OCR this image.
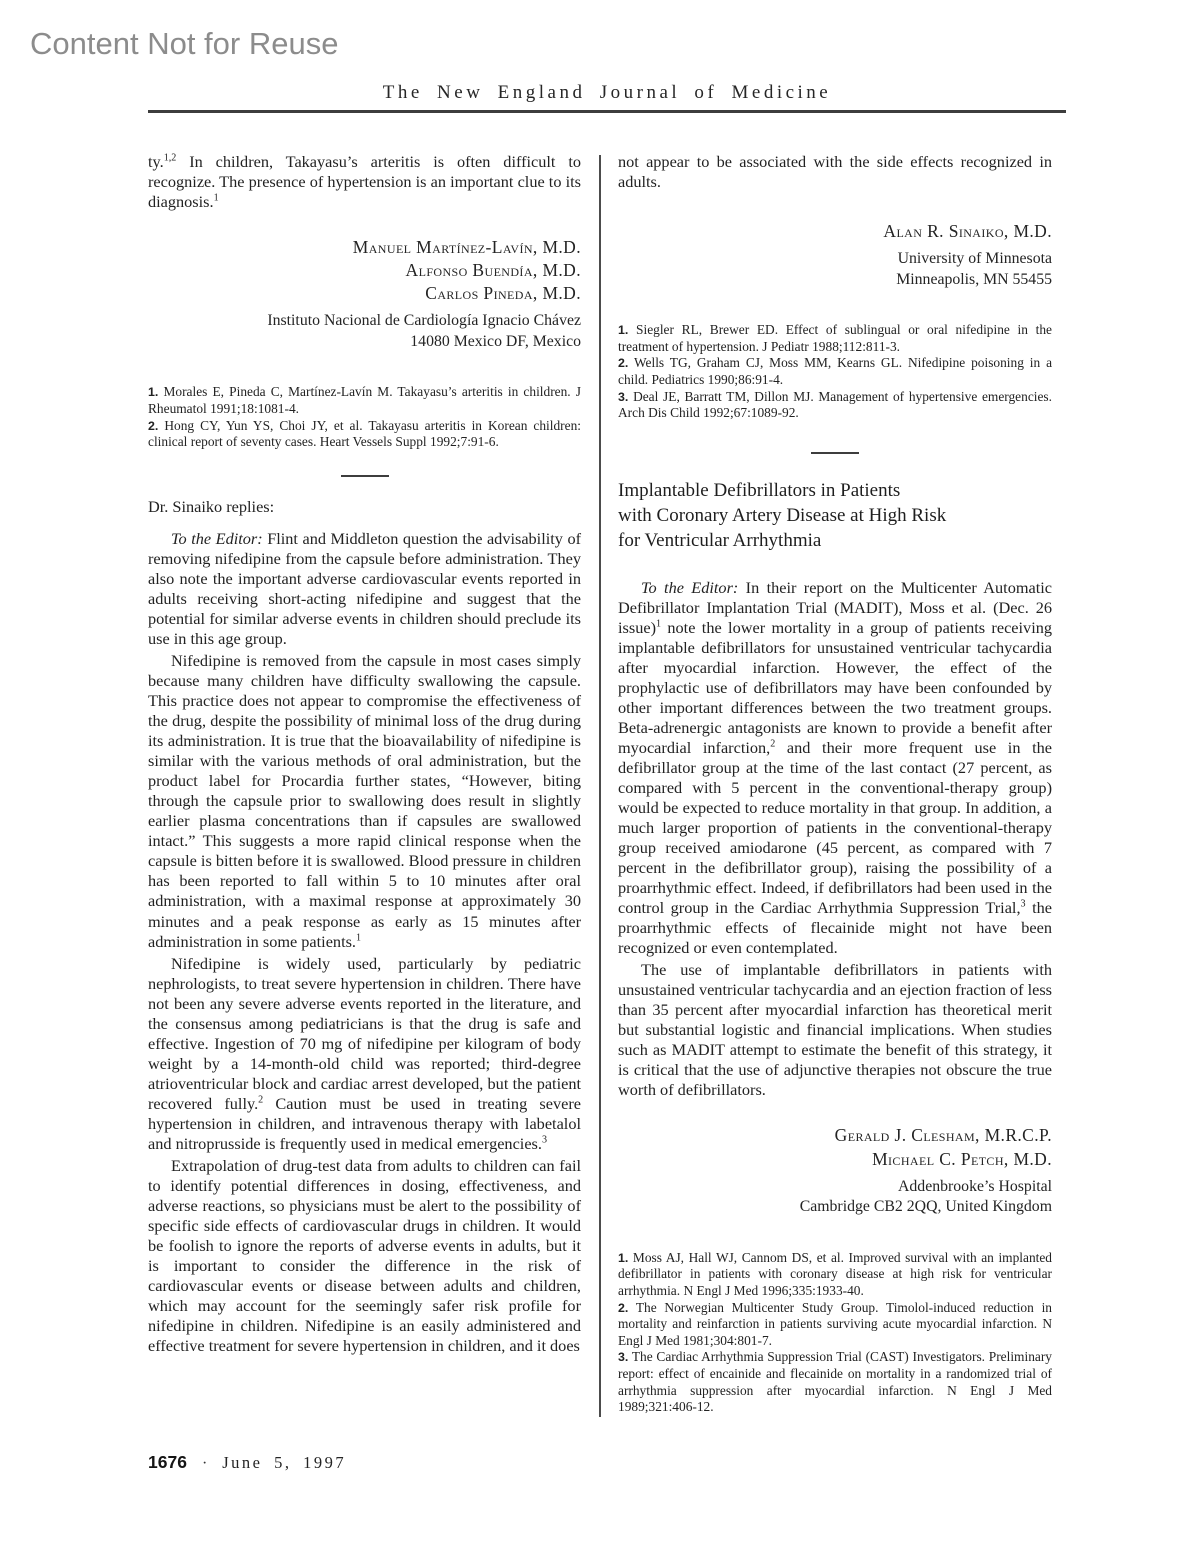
Content Not for Reuse
The New England Journal of Medicine
ty.$^{1,2}$ In children, Takayasu’s arteritis is often difficult to recognize. The presence of hypertension is an important clue to its diagnosis.$^1$
Manuel Martínez-Lavín, M.D.
Alfonso Buendía, M.D.
Carlos Pineda, M.D.
Instituto Nacional de Cardiología Ignacio Chávez
14080 Mexico DF, Mexico
1. Morales E, Pineda C, Martínez-Lavín M. Takayasu’s arteritis in children. J Rheumatol 1991;18:1081-4.
2. Hong CY, Yun YS, Choi JY, et al. Takayasu arteritis in Korean children: clinical report of seventy cases. Heart Vessels Suppl 1992;7:91-6.
Dr. Sinaiko replies:
To the Editor: Flint and Middleton question the advisability of removing nifedipine from the capsule before administration. They also note the important adverse cardiovascular events reported in adults receiving short-acting nifedipine and suggest that the potential for similar adverse events in children should preclude its use in this age group.
Nifedipine is removed from the capsule in most cases simply because many children have difficulty swallowing the capsule. This practice does not appear to compromise the effectiveness of the drug, despite the possibility of minimal loss of the drug during its administration. It is true that the bioavailability of nifedipine is similar with the various methods of oral administration, but the product label for Procardia further states, “However, biting through the capsule prior to swallowing does result in slightly earlier plasma concentrations than if capsules are swallowed intact.” This suggests a more rapid clinical response when the capsule is bitten before it is swallowed. Blood pressure in children has been reported to fall within 5 to 10 minutes after oral administration, with a maximal response at approximately 30 minutes and a peak response as early as 15 minutes after administration in some patients.$^1$
Nifedipine is widely used, particularly by pediatric nephrologists, to treat severe hypertension in children. There have not been any severe adverse events reported in the literature, and the consensus among pediatricians is that the drug is safe and effective. Ingestion of 70 mg of nifedipine per kilogram of body weight by a 14-month-old child was reported; third-degree atrioventricular block and cardiac arrest developed, but the patient recovered fully.$^2$ Caution must be used in treating severe hypertension in children, and intravenous therapy with labetalol and nitroprusside is frequently used in medical emergencies.$^3$
Extrapolation of drug-test data from adults to children can fail to identify potential differences in dosing, effectiveness, and adverse reactions, so physicians must be alert to the possibility of specific side effects of cardiovascular drugs in children. It would be foolish to ignore the reports of adverse events in adults, but it is important to consider the difference in the risk of cardiovascular events or disease between adults and children, which may account for the seemingly safer risk profile for nifedipine in children. Nifedipine is an easily administered and effective treatment for severe hypertension in children, and it does
not appear to be associated with the side effects recognized in adults.
Alan R. Sinaiko, M.D.
University of Minnesota
Minneapolis, MN 55455
1. Siegler RL, Brewer ED. Effect of sublingual or oral nifedipine in the treatment of hypertension. J Pediatr 1988;112:811-3.
2. Wells TG, Graham CJ, Moss MM, Kearns GL. Nifedipine poisoning in a child. Pediatrics 1990;86:91-4.
3. Deal JE, Barratt TM, Dillon MJ. Management of hypertensive emergencies. Arch Dis Child 1992;67:1089-92.
Implantable Defibrillators in Patients
with Coronary Artery Disease at High Risk
for Ventricular Arrhythmia
To the Editor: In their report on the Multicenter Automatic Defibrillator Implantation Trial (MADIT), Moss et al. (Dec. 26 issue)$^1$ note the lower mortality in a group of patients receiving implantable defibrillators for unsustained ventricular tachycardia after myocardial infarction. However, the effect of the prophylactic use of defibrillators may have been confounded by other important differences between the two treatment groups. Beta-adrenergic antagonists are known to provide a benefit after myocardial infarction,$^2$ and their more frequent use in the defibrillator group at the time of the last contact (27 percent, as compared with 5 percent in the conventional-therapy group) would be expected to reduce mortality in that group. In addition, a much larger proportion of patients in the conventional-therapy group received amiodarone (45 percent, as compared with 7 percent in the defibrillator group), raising the possibility of a proarrhythmic effect. Indeed, if defibrillators had been used in the control group in the Cardiac Arrhythmia Suppression Trial,$^3$ the proarrhythmic effects of flecainide might not have been recognized or even contemplated.
The use of implantable defibrillators in patients with unsustained ventricular tachycardia and an ejection fraction of less than 35 percent after myocardial infarction has theoretical merit but substantial logistic and financial implications. When studies such as MADIT attempt to estimate the benefit of this strategy, it is critical that the use of adjunctive therapies not obscure the true worth of defibrillators.
Gerald J. Clesham, M.R.C.P.
Michael C. Petch, M.D.
Addenbrooke’s Hospital
Cambridge CB2 2QQ, United Kingdom
1. Moss AJ, Hall WJ, Cannom DS, et al. Improved survival with an implanted defibrillator in patients with coronary disease at high risk for ventricular arrhythmia. N Engl J Med 1996;335:1933-40.
2. The Norwegian Multicenter Study Group. Timolol-induced reduction in mortality and reinfarction in patients surviving acute myocardial infarction. N Engl J Med 1981;304:801-7.
3. The Cardiac Arrhythmia Suppression Trial (CAST) Investigators. Preliminary report: effect of encainide and flecainide on mortality in a randomized trial of arrhythmia suppression after myocardial infarction. N Engl J Med 1989;321:406-12.
1676 · June 5, 1997
